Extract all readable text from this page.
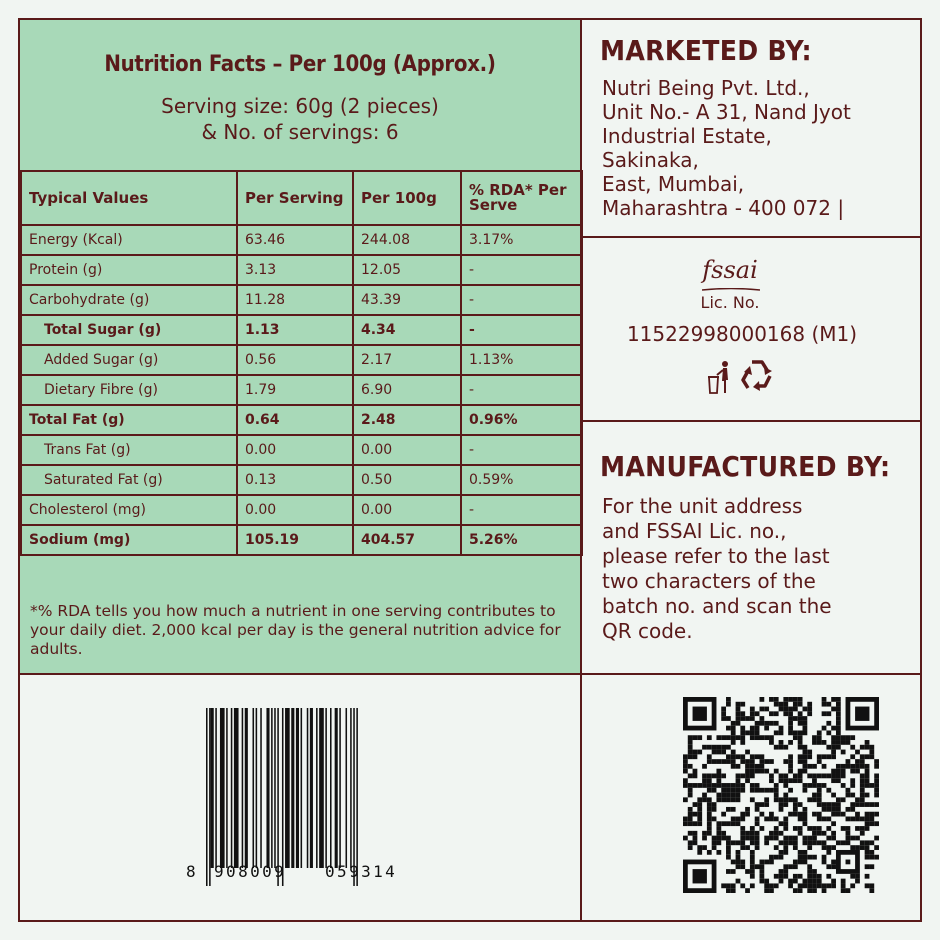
Nutrition Facts – Per 100g (Approx.)
Serving size: 60g (2 pieces)
& No. of servings: 6
Typical Values	Per Serving	Per 100g	% RDA* Per Serve
Energy (Kcal)	63.46	244.08	3.17%
Protein (g)	3.13	12.05	-
Carbohydrate (g)	11.28	43.39	-
Total Sugar (g)	1.13	4.34	-
Added Sugar (g)	0.56	2.17	1.13%
Dietary Fibre (g)	1.79	6.90	-
Total Fat (g)	0.64	2.48	0.96%
Trans Fat (g)	0.00	0.00	-
Saturated Fat (g)	0.13	0.50	0.59%
Cholesterol (mg)	0.00	0.00	-
Sodium (mg)	105.19	404.57	5.26%
*% RDA tells you how much a nutrient in one serving contributes to your daily diet. 2,000 kcal per day is the general nutrition advice for adults.
MARKETED BY:
Nutri Being Pvt. Ltd.,
Unit No.- A 31, Nand Jyot
Industrial Estate,
Sakinaka,
East, Mumbai,
Maharashtra - 400 072 |
fssai
Lic. No.
11522998000168 (M1)
MANUFACTURED BY:
For the unit address
and FSSAI Lic. no.,
please refer to the last
two characters of the
batch no. and scan the
QR code.
8 908009 059314
